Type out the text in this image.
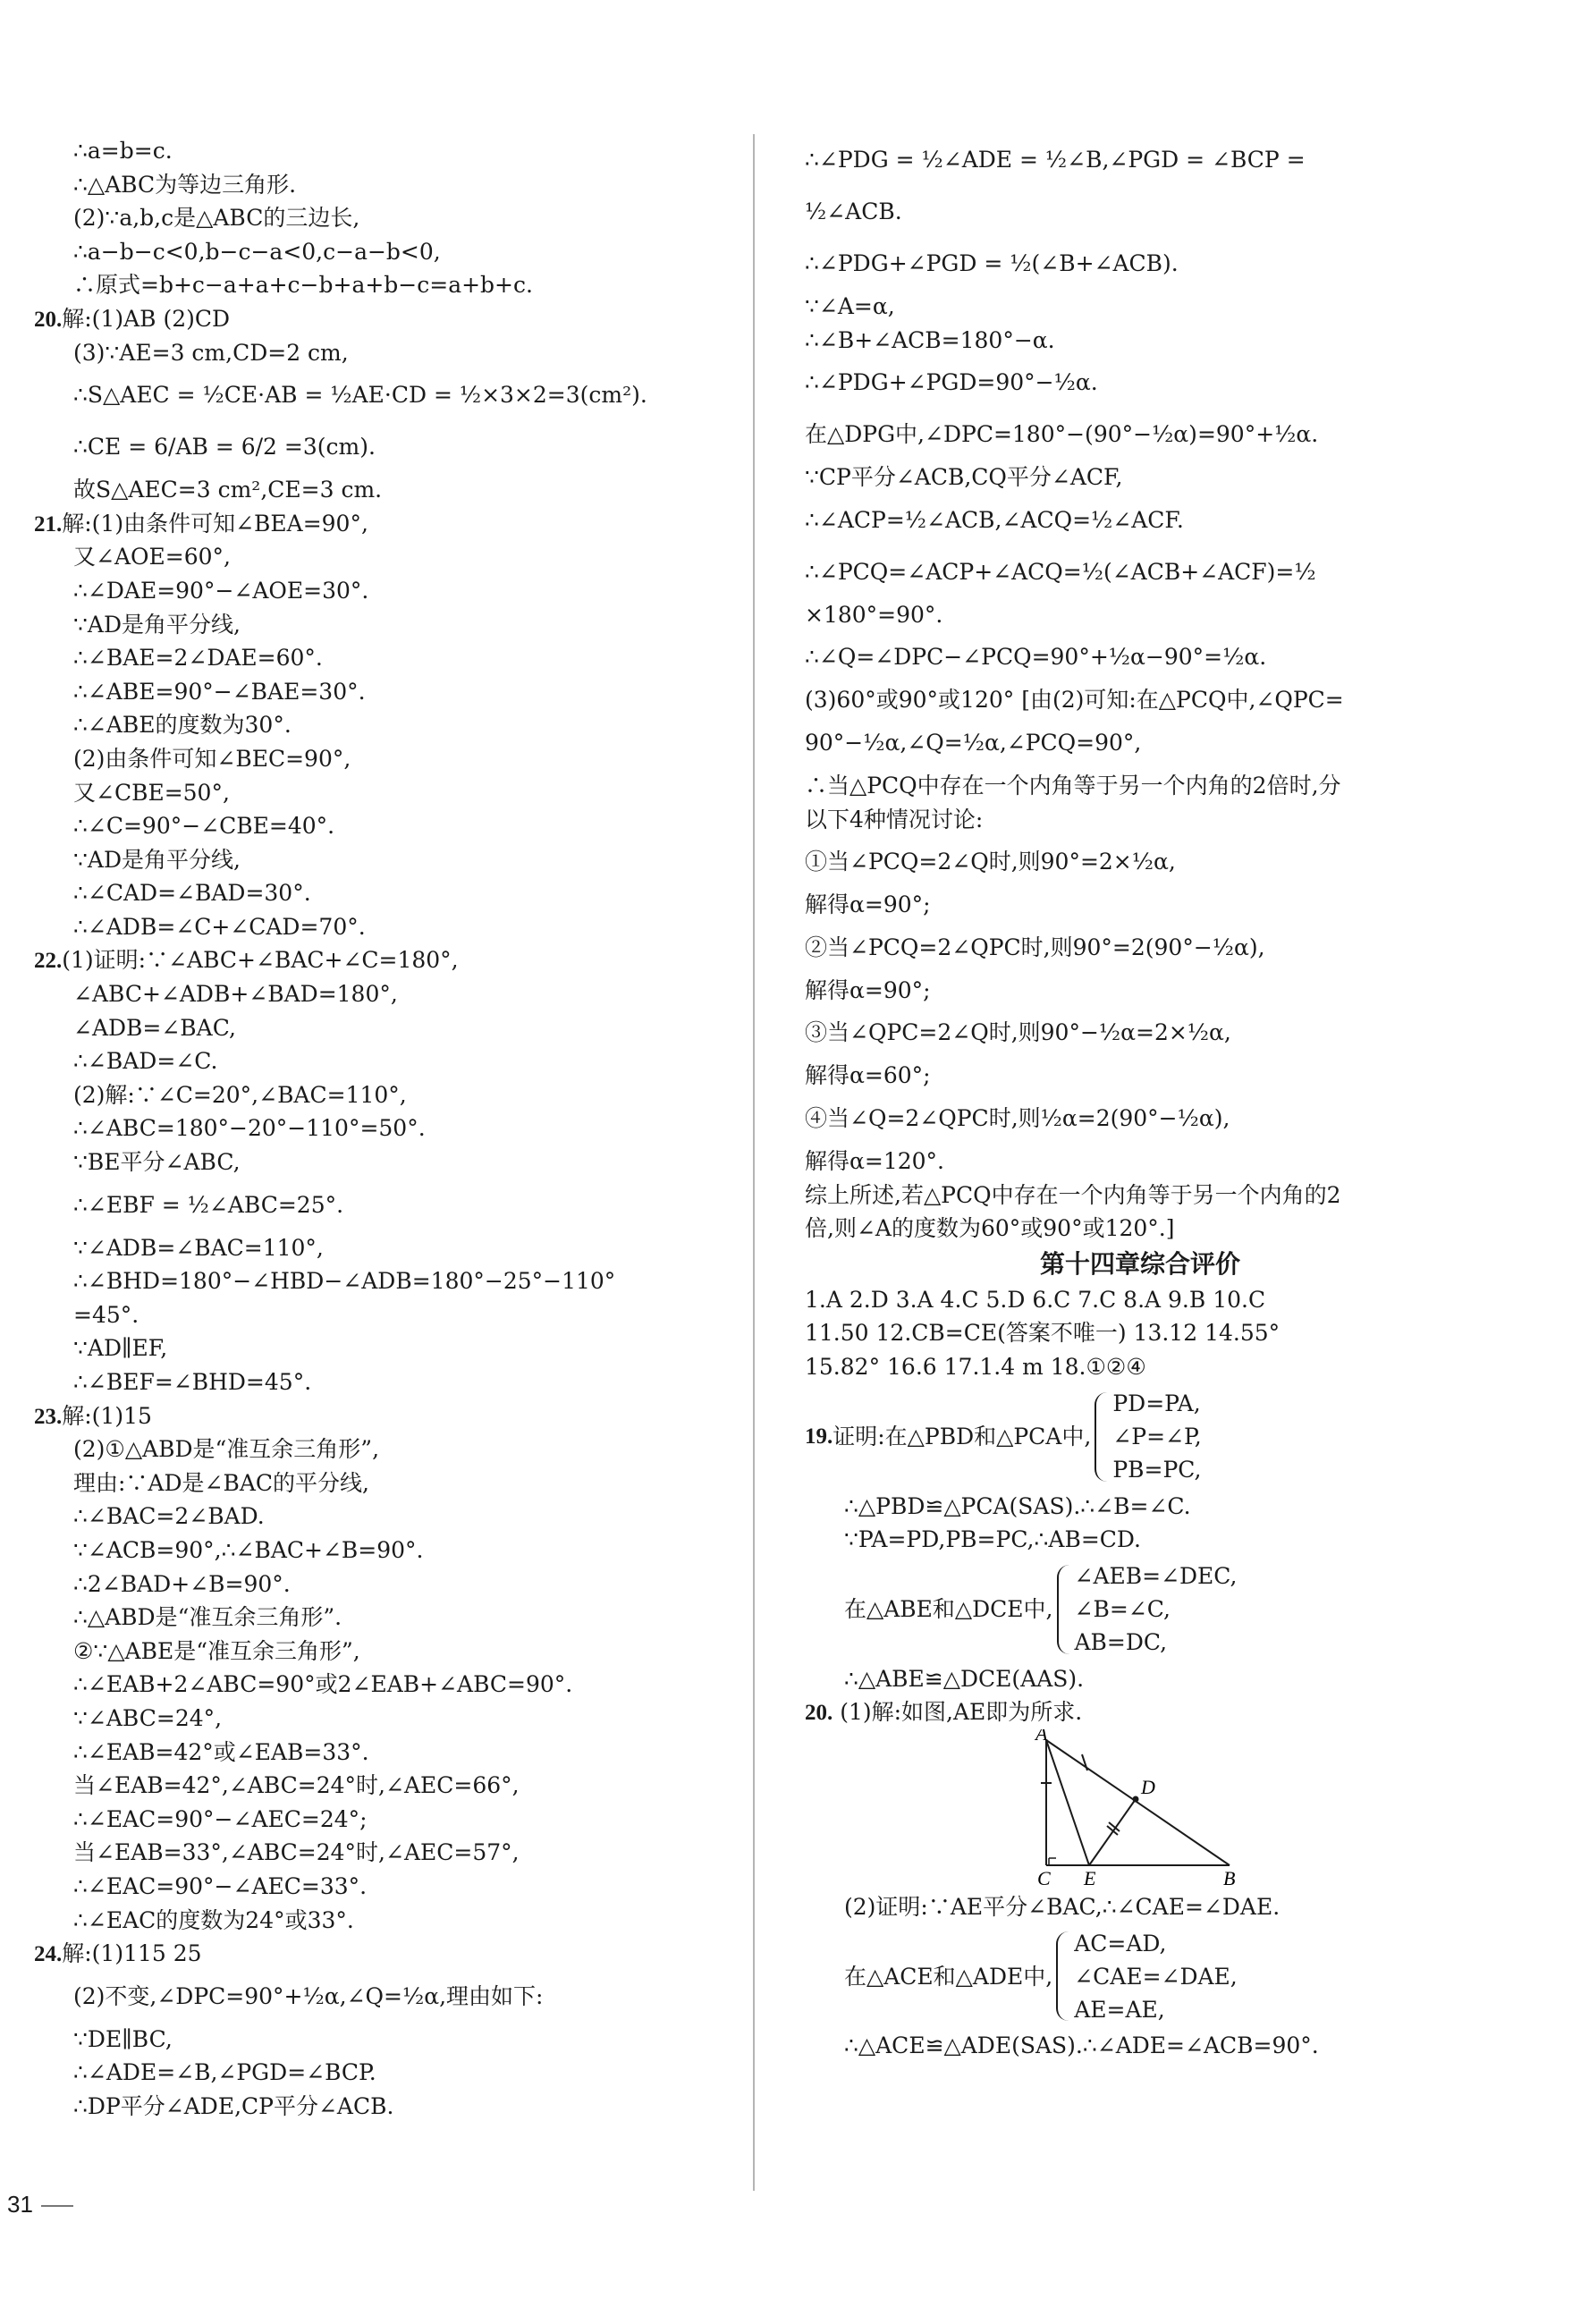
∴a=b=c.
∴△ABC为等边三角形.
(2)∵a,b,c是△ABC的三边长,
∴a−b−c<0,b−c−a<0,c−a−b<0,
∴原式=b+c−a+a+c−b+a+b−c=a+b+c.
20.解:(1)AB (2)CD
(3)∵AE=3 cm,CD=2 cm,
∴S△AEC = ½CE·AB = ½AE·CD = ½×3×2=3(cm²).
∴CE = 6/AB = 6/2 =3(cm).
故S△AEC=3 cm²,CE=3 cm.
21.解:(1)由条件可知∠BEA=90°,
又∠AOE=60°,
∴∠DAE=90°−∠AOE=30°.
∵AD是角平分线,
∴∠BAE=2∠DAE=60°.
∴∠ABE=90°−∠BAE=30°.
∴∠ABE的度数为30°.
(2)由条件可知∠BEC=90°,
又∠CBE=50°,
∴∠C=90°−∠CBE=40°.
∵AD是角平分线,
∴∠CAD=∠BAD=30°.
∴∠ADB=∠C+∠CAD=70°.
22.(1)证明:∵∠ABC+∠BAC+∠C=180°,
∠ABC+∠ADB+∠BAD=180°,
∠ADB=∠BAC,
∴∠BAD=∠C.
(2)解:∵∠C=20°,∠BAC=110°,
∴∠ABC=180°−20°−110°=50°.
∵BE平分∠ABC,
∴∠EBF = ½∠ABC=25°.
∵∠ADB=∠BAC=110°,
∴∠BHD=180°−∠HBD−∠ADB=180°−25°−110°
=45°.
∵AD∥EF,
∴∠BEF=∠BHD=45°.
23.解:(1)15
(2)①△ABD是“准互余三角形”,
理由:∵AD是∠BAC的平分线,
∴∠BAC=2∠BAD.
∵∠ACB=90°,∴∠BAC+∠B=90°.
∴2∠BAD+∠B=90°.
∴△ABD是“准互余三角形”.
②∵△ABE是“准互余三角形”,
∴∠EAB+2∠ABC=90°或2∠EAB+∠ABC=90°.
∵∠ABC=24°,
∴∠EAB=42°或∠EAB=33°.
当∠EAB=42°,∠ABC=24°时,∠AEC=66°,
∴∠EAC=90°−∠AEC=24°;
当∠EAB=33°,∠ABC=24°时,∠AEC=57°,
∴∠EAC=90°−∠AEC=33°.
∴∠EAC的度数为24°或33°.
24.解:(1)115 25
(2)不变,∠DPC=90°+½α,∠Q=½α,理由如下:
∵DE∥BC,
∴∠ADE=∠B,∠PGD=∠BCP.
∴DP平分∠ADE,CP平分∠ACB.
∴∠PDG = ½∠ADE = ½∠B,∠PGD = ∠BCP =
½∠ACB.
∴∠PDG+∠PGD = ½(∠B+∠ACB).
∵∠A=α,
∴∠B+∠ACB=180°−α.
∴∠PDG+∠PGD=90°−½α.
在△DPG中,∠DPC=180°−(90°−½α)=90°+½α.
∵CP平分∠ACB,CQ平分∠ACF,
∴∠ACP=½∠ACB,∠ACQ=½∠ACF.
∴∠PCQ=∠ACP+∠ACQ=½(∠ACB+∠ACF)=½
×180°=90°.
∴∠Q=∠DPC−∠PCQ=90°+½α−90°=½α.
(3)60°或90°或120° [由(2)可知:在△PCQ中,∠QPC=
90°−½α,∠Q=½α,∠PCQ=90°,
∴当△PCQ中存在一个内角等于另一个内角的2倍时,分
以下4种情况讨论:
①当∠PCQ=2∠Q时,则90°=2×½α,
解得α=90°;
②当∠PCQ=2∠QPC时,则90°=2(90°−½α),
解得α=90°;
③当∠QPC=2∠Q时,则90°−½α=2×½α,
解得α=60°;
④当∠Q=2∠QPC时,则½α=2(90°−½α),
解得α=120°.
综上所述,若△PCQ中存在一个内角等于另一个内角的2
倍,则∠A的度数为60°或90°或120°.]
第十四章综合评价
1.A 2.D 3.A 4.C 5.D 6.C 7.C 8.A 9.B 10.C
11.50 12.CB=CE(答案不唯一) 13.12 14.55°
15.82° 16.6 17.1.4 m 18.①②④
19. 证明:在△PBD和△PCA中,
PD=PA,
∠P=∠P,
PB=PC,
∴△PBD≌△PCA(SAS).∴∠B=∠C.
∵PA=PD,PB=PC,∴AB=CD.
在△ABE和△DCE中,
∠AEB=∠DEC,
∠B=∠C,
AB=DC,
∴△ABE≌△DCE(AAS).
20. (1)解:如图,AE即为所求.
A
D
C E	B
(2)证明:∵AE平分∠BAC,∴∠CAE=∠DAE.
在△ACE和△ADE中,
AC=AD,
∠CAE=∠DAE,
AE=AE,
∴△ACE≌△ADE(SAS).∴∠ADE=∠ACB=90°.
31
